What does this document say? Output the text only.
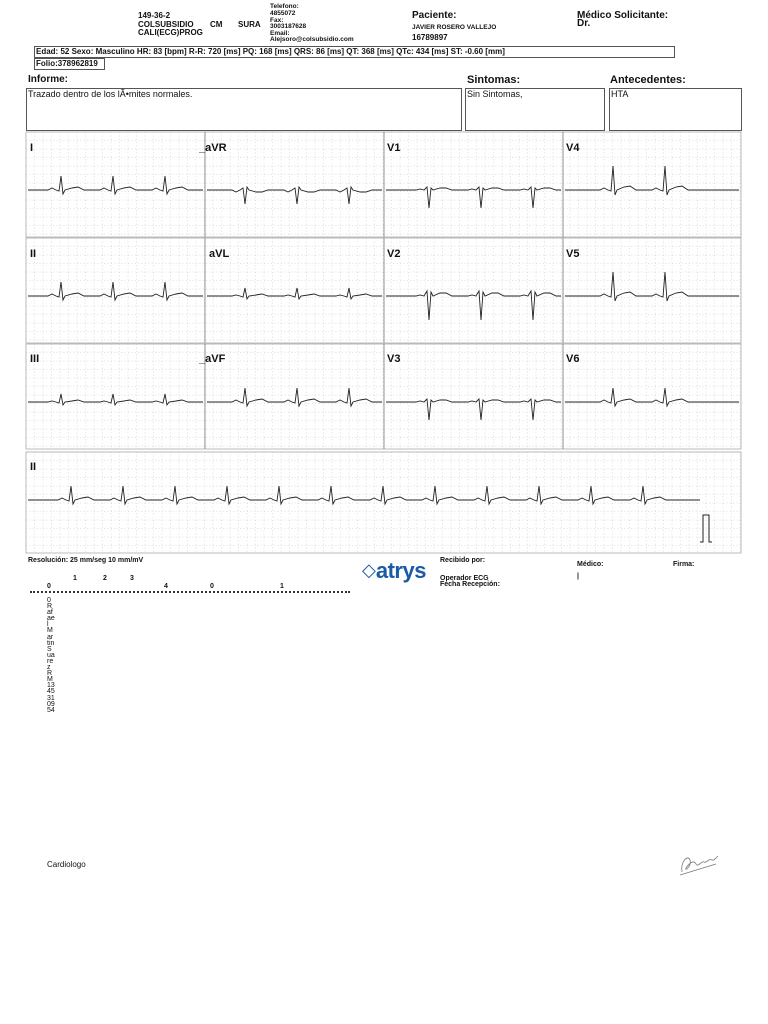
149-36-2
COLSUBSIDIO CM SURA
CALI(ECG)PROG
Telefono:
4855072
Fax:
3003187628
Email:
Alejsoro@colsubsidio.com
Paciente:
JAVIER ROSERO VALLEJO
16789897
Médico Solicitante:
Dr.
Edad: 52 Sexo: Masculino HR: 83 [bpm] R-R: 720 [ms] PQ: 168 [ms] QRS: 86 [ms] QT: 368 [ms] QTc: 434 [ms] ST: -0.60 [mm]
Folio:378962819
Informe:	Sintomas:	Antecedentes:
Trazado dentro de los lÃ•mites normales.	Sin Sintomas,	HTA
I	_aVR	V1	V4
II	aVL	V2	V5
III	_aVF	V3	V6
II
Resolución: 25 mm/seg 10 mm/mV	◇atrys Recibido por:
Operador ECG
Fecha Recepción:
Médico:
|
Firma:
1	2	3
0	4	0	1
0Rafael Martin Suarez RM 13453109 54
Cardiologo
